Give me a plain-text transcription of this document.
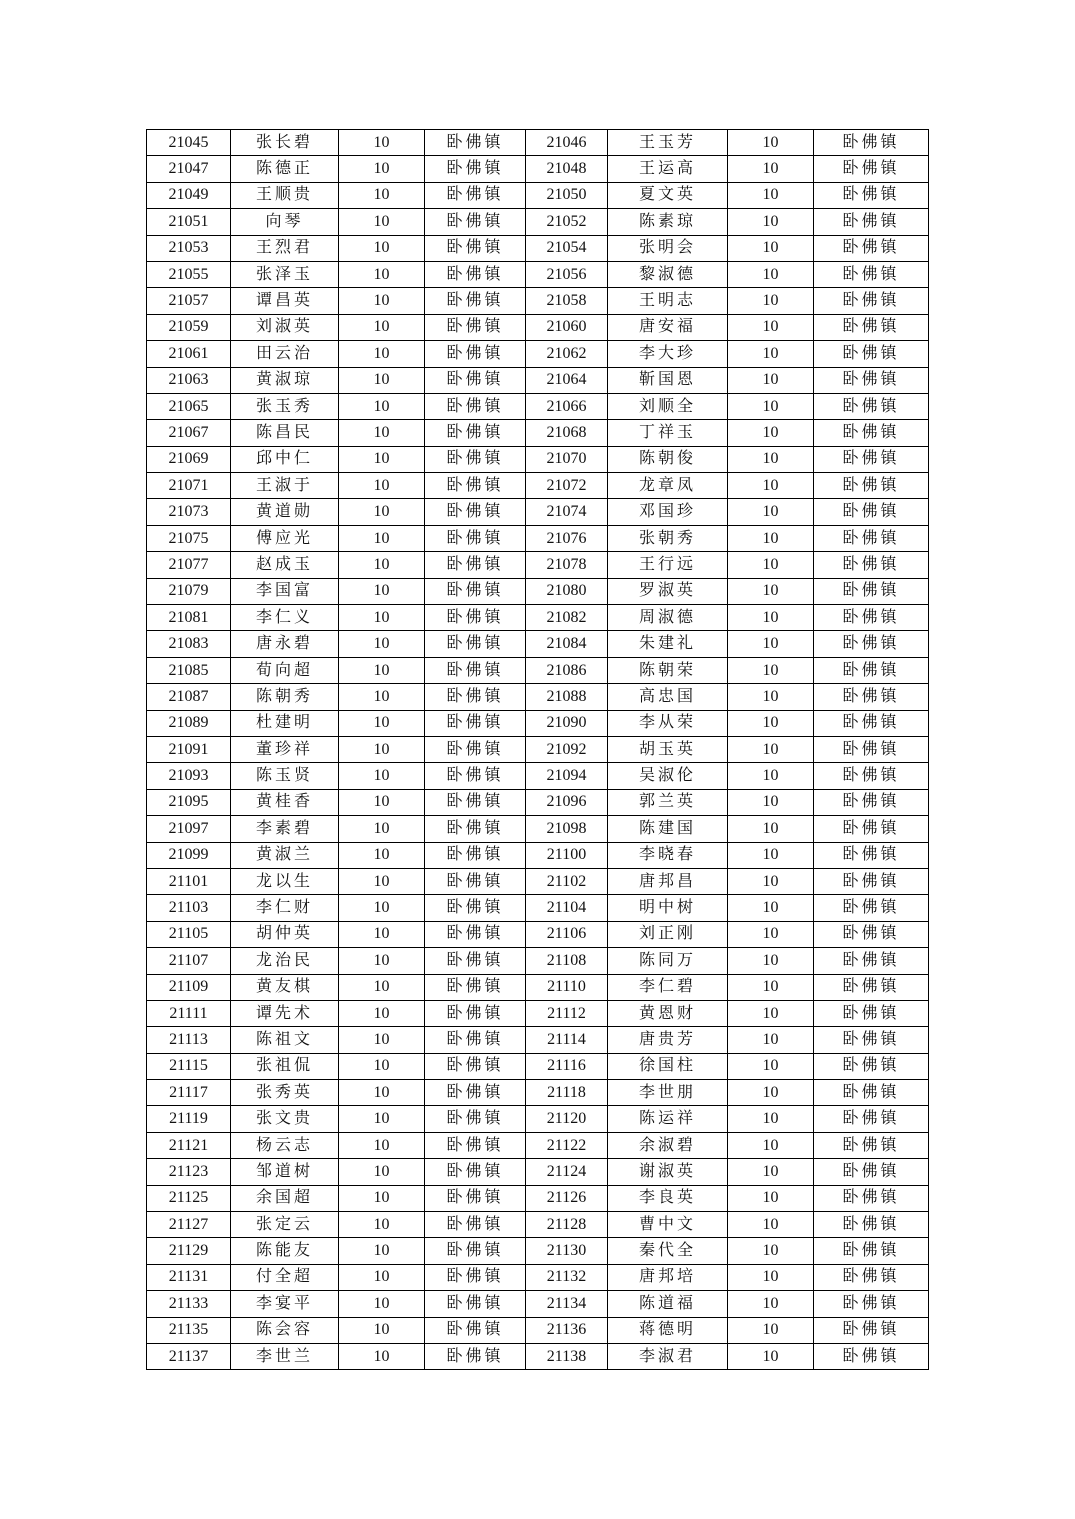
21045	张长碧	10	卧佛镇	21046	王玉芳	10	卧佛镇
21047	陈德正	10	卧佛镇	21048	王运高	10	卧佛镇
21049	王顺贵	10	卧佛镇	21050	夏文英	10	卧佛镇
21051	向琴	10	卧佛镇	21052	陈素琼	10	卧佛镇
21053	王烈君	10	卧佛镇	21054	张明会	10	卧佛镇
21055	张泽玉	10	卧佛镇	21056	黎淑德	10	卧佛镇
21057	谭昌英	10	卧佛镇	21058	王明志	10	卧佛镇
21059	刘淑英	10	卧佛镇	21060	唐安福	10	卧佛镇
21061	田云治	10	卧佛镇	21062	李大珍	10	卧佛镇
21063	黄淑琼	10	卧佛镇	21064	靳国恩	10	卧佛镇
21065	张玉秀	10	卧佛镇	21066	刘顺全	10	卧佛镇
21067	陈昌民	10	卧佛镇	21068	丁祥玉	10	卧佛镇
21069	邱中仁	10	卧佛镇	21070	陈朝俊	10	卧佛镇
21071	王淑于	10	卧佛镇	21072	龙章凤	10	卧佛镇
21073	黄道勋	10	卧佛镇	21074	邓国珍	10	卧佛镇
21075	傅应光	10	卧佛镇	21076	张朝秀	10	卧佛镇
21077	赵成玉	10	卧佛镇	21078	王行远	10	卧佛镇
21079	李国富	10	卧佛镇	21080	罗淑英	10	卧佛镇
21081	李仁义	10	卧佛镇	21082	周淑德	10	卧佛镇
21083	唐永碧	10	卧佛镇	21084	朱建礼	10	卧佛镇
21085	荀向超	10	卧佛镇	21086	陈朝荣	10	卧佛镇
21087	陈朝秀	10	卧佛镇	21088	高忠国	10	卧佛镇
21089	杜建明	10	卧佛镇	21090	李从荣	10	卧佛镇
21091	董珍祥	10	卧佛镇	21092	胡玉英	10	卧佛镇
21093	陈玉贤	10	卧佛镇	21094	吴淑伦	10	卧佛镇
21095	黄桂香	10	卧佛镇	21096	郭兰英	10	卧佛镇
21097	李素碧	10	卧佛镇	21098	陈建国	10	卧佛镇
21099	黄淑兰	10	卧佛镇	21100	李晓春	10	卧佛镇
21101	龙以生	10	卧佛镇	21102	唐邦昌	10	卧佛镇
21103	李仁财	10	卧佛镇	21104	明中树	10	卧佛镇
21105	胡仲英	10	卧佛镇	21106	刘正刚	10	卧佛镇
21107	龙治民	10	卧佛镇	21108	陈同万	10	卧佛镇
21109	黄友棋	10	卧佛镇	21110	李仁碧	10	卧佛镇
21111	谭先术	10	卧佛镇	21112	黄恩财	10	卧佛镇
21113	陈祖文	10	卧佛镇	21114	唐贵芳	10	卧佛镇
21115	张祖侃	10	卧佛镇	21116	徐国柱	10	卧佛镇
21117	张秀英	10	卧佛镇	21118	李世朋	10	卧佛镇
21119	张文贵	10	卧佛镇	21120	陈运祥	10	卧佛镇
21121	杨云志	10	卧佛镇	21122	余淑碧	10	卧佛镇
21123	邹道树	10	卧佛镇	21124	谢淑英	10	卧佛镇
21125	余国超	10	卧佛镇	21126	李良英	10	卧佛镇
21127	张定云	10	卧佛镇	21128	曹中文	10	卧佛镇
21129	陈能友	10	卧佛镇	21130	秦代全	10	卧佛镇
21131	付全超	10	卧佛镇	21132	唐邦培	10	卧佛镇
21133	李宴平	10	卧佛镇	21134	陈道福	10	卧佛镇
21135	陈会容	10	卧佛镇	21136	蒋德明	10	卧佛镇
21137	李世兰	10	卧佛镇	21138	李淑君	10	卧佛镇
